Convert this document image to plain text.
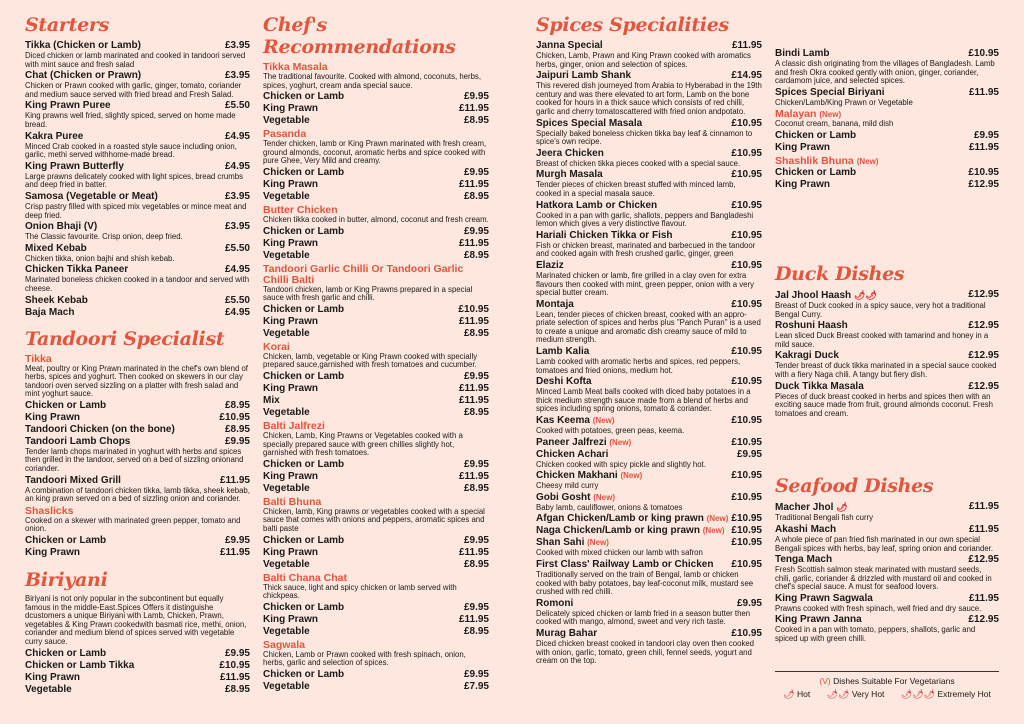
Starters
Tikka (Chicken or Lamb)	£3.95
Diced chicken or lamb marinated and cooked in tandoori served with mint sauce and fresh salad
Chat (Chicken or Prawn)	£3.95
Chicken or Prawn cooked with garlic, ginger, tomato, coriander and medium sauce served with fried bread and Fresh Salad.
King Prawn Puree	£5.50
King prawns well fried, slightly spiced, served on home made bread.
Kakra Puree	£4.95
Minced Crab cooked in a roasted style sauce including onion, garlic, methi served withhome-made bread.
King Prawn Butterfly	£4.95
Large prawns delicately cooked with light spices, bread crumbs and deep fried in batter.
Samosa (Vegetable or Meat)	£3.95
Crisp pastry filled with spiced mix vegetables or mince meat and deep fried.
Onion Bhaji (V)	£3.95
The Classic favourite. Crisp onion, deep fried.
Mixed Kebab	£5.50
Chicken tikka, onion bajhi and shish kebab.
Chicken Tikka Paneer	£4.95
Marinated boneless chicken cooked in a tandoor and served with cheese.
Sheek Kebab	£5.50
Baja Mach	£4.95
Tandoori Specialist
Tikka
Meat, poultry or King Prawn marinated in the chef's own blend of herbs, spices and yoghurt. Then cooked on skewers in our clay tandoori oven served sizzling on a platter with fresh salad and mint yoghurt sauce.
Chicken or Lamb	£8.95
King Prawn	£10.95
Tandoori Chicken (on the bone)	£8.95
Tandoori Lamb Chops	£9.95
Tender lamb chops marinated in yoghurt with herbs and spices then grilled in the tandoor, served on a bed of sizzling onionand coriander.
Tandoori Mixed Grill	£11.95
A combination of tandoori chicken tikka, lamb tikka, sheek kebab, an king prawn served on a bed of sizzling onion and coriander.
Shaslicks
Cooked on a skewer with marinated green pepper, tomato and onion.
Chicken or Lamb	£9.95
King Prawn	£11.95
Biriyani
Biriyani is not only popular in the subcontinent but equally famous in the middle-East.Spices Offers it distinguishe dcustomers a unique Biriyani with Lamb, Chicken, Prawn, vegetables & King Prawn cookedwith basmati rice, methi, onion, coriander and medium blend of spices served with vegetable curry sauce.
Chicken or Lamb	£9.95
Chicken or Lamb Tikka	£10.95
King Prawn	£11.95
Vegetable	£8.95
Chef's Recommendations
Tikka Masala
The traditional favourite. Cooked with almond, coconuts, herbs, spices, yoghurt, cream anda special sauce.
Chicken or Lamb	£9.95
King Prawn	£11.95
Vegetable	£8.95
Pasanda
Tender chicken, lamb or King Prawn marinated with fresh cream, ground almonds, coconut, aromatic herbs and spice cooked with pure Ghee, Very Mild and creamy.
Chicken or Lamb	£9.95
King Prawn	£11.95
Vegetable	£8.95
Butter Chicken
Chicken tikka cooked in butter, almond, coconut and fresh cream.
Chicken or Lamb	£9.95
King Prawn	£11.95
Vegetable	£8.95
Tandoori Garlic Chilli Or Tandoori Garlic Chilli Balti
Tandoori chicken, lamb or King Prawns prepared in a special sauce with fresh garlic and chilli.
Chicken or Lamb	£10.95
King Prawn	£11.95
Vegetable	£8.95
Korai
Chicken, lamb, vegetable or King Prawn cooked with specially prepared sauce,garnished with fresh tomatoes and cucumber.
Chicken or Lamb	£9.95
King Prawn	£11.95
Mix	£11.95
Vegetable	£8.95
Balti Jalfrezi
Chicken, Lamb, King Prawns or Vegetables cooked with a specially prepared sauce with green chillies slightly hot, garnished with fresh tomatoes.
Chicken or Lamb	£9.95
King Prawn	£11.95
Vegetable	£8.95
Balti Bhuna
Chicken, lamb, King prawns or vegetables cooked with a special sauce that comes with onions and peppers, aromatic spices and balti paste
Chicken or Lamb	£9.95
King Prawn	£11.95
Vegetable	£8.95
Balti Chana Chat
Thick sauce, light and spicy chicken or lamb served with chickpeas.
Chicken or Lamb	£9.95
King Prawn	£11.95
Vegetable	£8.95
Sagwala
Chicken, Lamb or Prawn cooked with fresh spinach, onion, herbs, garlic and selection of spices.
Chicken or Lamb	£9.95
Vegetable	£7.95
Spices Specialities
Janna Special	£11.95
Chicken, Lamb, Prawn and King Prawn cooked with aromatics herbs, ginger, onion and selection of spices.
Jaipuri Lamb Shank	£14.95
This revered dish journeyed from Arabia to Hyberabad in the 19th century and was there elevated to art form, Lamb on the bone cooked for hours in a thick sauce which consists of red chilli, garlic and cherry tomatoscattered with fried onion andpotato.
Spices Special Masala	£10.95
Specially baked boneless chicken tikka bay leaf & cinnamon to spice's own recipe.
Jeera Chicken	£10.95
Breast of chicken tikka pieces cooked with a special sauce.
Murgh Masala	£10.95
Tender pieces of chicken breast stuffed with minced lamb, cooked in a special masala sauce.
Hatkora Lamb or Chicken	£10.95
Cooked in a pan with garlic, shallots, peppers and Bangladeshi lemon which gives a very distinctive flavour.
Hariali Chicken Tikka or Fish	£10.95
Fish or chicken breast, marinated and barbecued in the tandoor and cooked again with fresh crushed garlic, ginger, green
Elaziz	£10.95
Marinated chicken or lamb, fire grilled in a clay oven for extra flavours then cooked with mint, green pepper, onion with a very special butter cream.
Montaja	£10.95
Lean, tender pieces of chicken breast, cooked with an appro-priate selection of spices and herbs plus "Panch Puran" is a used to create a unique and aromatic dish creamy sauce of mild to medium strength.
Lamb Kalia	£10.95
Lamb cooked with aromatic herbs and spices, red peppers, tomatoes and fried onions, medium hot.
Deshi Kofta	£10.95
Minced Lamb Meat balls cooked with diced baby potatoes in a thick medium strength sauce made from a blend of herbs and spices including spring onions, tomato & coriander.
Kas Keema (New)	£10.95
Cooked with potatoes, green peas, keema.
Paneer Jalfrezi (New)	£10.95
Chicken Achari	£9.95
Chicken cooked with spicy pickle and slightly hot.
Chicken Makhani (New)	£10.95
Cheesy mild curry
Gobi Gosht (New)	£10.95
Baby lamb, cauliflower, onions & tomatoes
Afgan Chicken/Lamb or king prawn (New) £10.95
Naga Chicken/Lamb or king prawn (New) £10.95
Shan Sahi (New)	£10.95
Cooked with mixed chicken our lamb with safron
First Class' Railway Lamb or Chicken £10.95
Traditionally served on the train of Bengal, lamb or chicken cooked with baby potatoes, bay leaf-coconut milk, mustard see crushed with red chilli.
Romoni	£9.95
Delicately spiced chicken or lamb fried in a season butter then cooked with mango, almond, sweet and very rich taste.
Murag Bahar	£10.95
Diced chicken breast cooked in tandoori clay oven then cooked with onion, garlic, tomato, green chili, fennel seeds, yogurt and cream on the top.
Bindi Lamb	£10.95
A classic dish originating from the villages of Bangladesh. Lamb and fresh Okra cooked gently with onion, ginger, coriander, cardamom juice, and selected spices.
Spices Special Biriyani	£11.95
Chicken/Lamb/King Prawn or Vegetable
Malayan (New)
Coconut cream, banana, mild dish
Chicken or Lamb	£9.95
King Prawn	£11.95
Shashlik Bhuna (New)
Chicken or Lamb	£10.95
King Prawn	£12.95
Duck Dishes
Jal Jhool Haash 🌶🌶	£12.95
Breast of Duck cooked in a spicy sauce, very hot a traditional Bengal Curry.
Roshuni Haash	£12.95
Lean sliced Duck Breast cooked with tamarind and honey in a mild sauce.
Kakragi Duck	£12.95
Tender breast of duck tikka marinated in a special sauce cooked with a fiery Naga chili. A tangy but fiery dish.
Duck Tikka Masala	£12.95
Pieces of duck breast cooked in herbs and spices then with an exciting sauce made from fruit, ground almonds coconut. Fresh tomatoes and cream.
Seafood Dishes
Macher Jhol 🌶	£11.95
Traditional Bengali fish curry
Akashi Mach	£11.95
A whole piece of pan fried fish marinated in our own special Bengali spices with herbs, bay leaf, spring onion and coriander.
Tenga Mach	£12.95
Fresh Scottish salmon steak marinated with mustard seeds, chili, garlic, coriander & drizzled with mustard oil and cooked in chef's special sauce. A must for seafood lovers.
King Prawn Sagwala	£11.95
Prawns cooked with fresh spinach, well fried and dry sauce.
King Prawn Janna	£12.95
Cooked in a pan with tomato, peppers, shallots, garlic and spiced up with green chilli.
(V) Dishes Suitable For Vegetarians
🌶 Hot 🌶🌶 Very Hot 🌶🌶🌶 Extremely Hot
